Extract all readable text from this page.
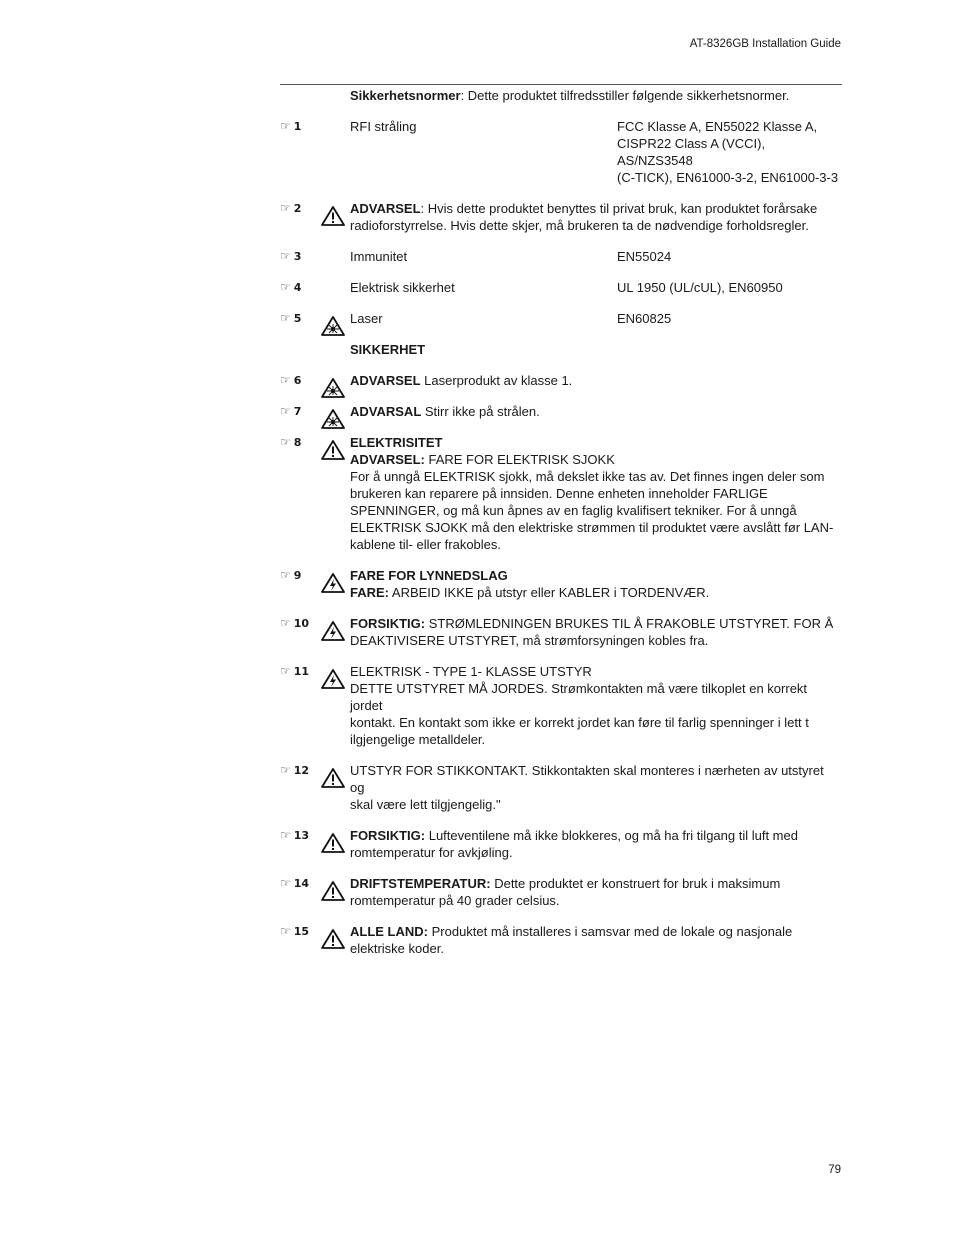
AT-8326GB Installation Guide
Sikkerhetsnormer: Dette produktet tilfredsstiller følgende sikkerhetsnormer.
☞ 1	RFI stråling	FCC Klasse A, EN55022 Klasse A,
CISPR22 Class A (VCCI), AS/NZS3548
(C-TICK), EN61000-3-2, EN61000-3-3
☞ 2	ADVARSEL: Hvis dette produktet benyttes til privat bruk, kan produktet forårsake
radioforstyrrelse. Hvis dette skjer, må brukeren ta de nødvendige forholdsregler.
☞ 3	Immunitet	EN55024
☞ 4	Elektrisk sikkerhet	UL 1950 (UL/cUL), EN60950
☞ 5	Laser	EN60825
SIKKERHET
☞ 6	ADVARSEL Laserprodukt av klasse 1.
☞ 7	ADVARSAL Stirr ikke på strålen.
☞ 8	ELEKTRISITET
ADVARSEL: FARE FOR ELEKTRISK SJOKK
For å unngå ELEKTRISK sjokk, må dekslet ikke tas av. Det finnes ingen deler som
brukeren kan reparere på innsiden. Denne enheten inneholder FARLIGE
SPENNINGER, og må kun åpnes av en faglig kvalifisert tekniker. For å unngå
ELEKTRISK SJOKK må den elektriske strømmen til produktet være avslått før LAN-
kablene til- eller frakobles.
☞ 9	FARE FOR LYNNEDSLAG
FARE: ARBEID IKKE på utstyr eller KABLER i TORDENVÆR.
☞ 10	FORSIKTIG: STRØMLEDNINGEN BRUKES TIL Å FRAKOBLE UTSTYRET. FOR Å
DEAKTIVISERE UTSTYRET, må strømforsyningen kobles fra.
☞ 11	ELEKTRISK - TYPE 1- KLASSE UTSTYR
DETTE UTSTYRET MÅ JORDES. Strømkontakten må være tilkoplet en korrekt jordet
kontakt. En kontakt som ikke er korrekt jordet kan føre til farlig spenninger i lett t
ilgjengelige metalldeler.
☞ 12	UTSTYR FOR STIKKONTAKT. Stikkontakten skal monteres i nærheten av utstyret og
skal være lett tilgjengelig."
☞ 13	FORSIKTIG: Lufteventilene må ikke blokkeres, og må ha fri tilgang til luft med
romtemperatur for avkjøling.
☞ 14	DRIFTSTEMPERATUR: Dette produktet er konstruert for bruk i maksimum
romtemperatur på 40 grader celsius.
☞ 15	ALLE LAND: Produktet må installeres i samsvar med de lokale og nasjonale
elektriske koder.
79
